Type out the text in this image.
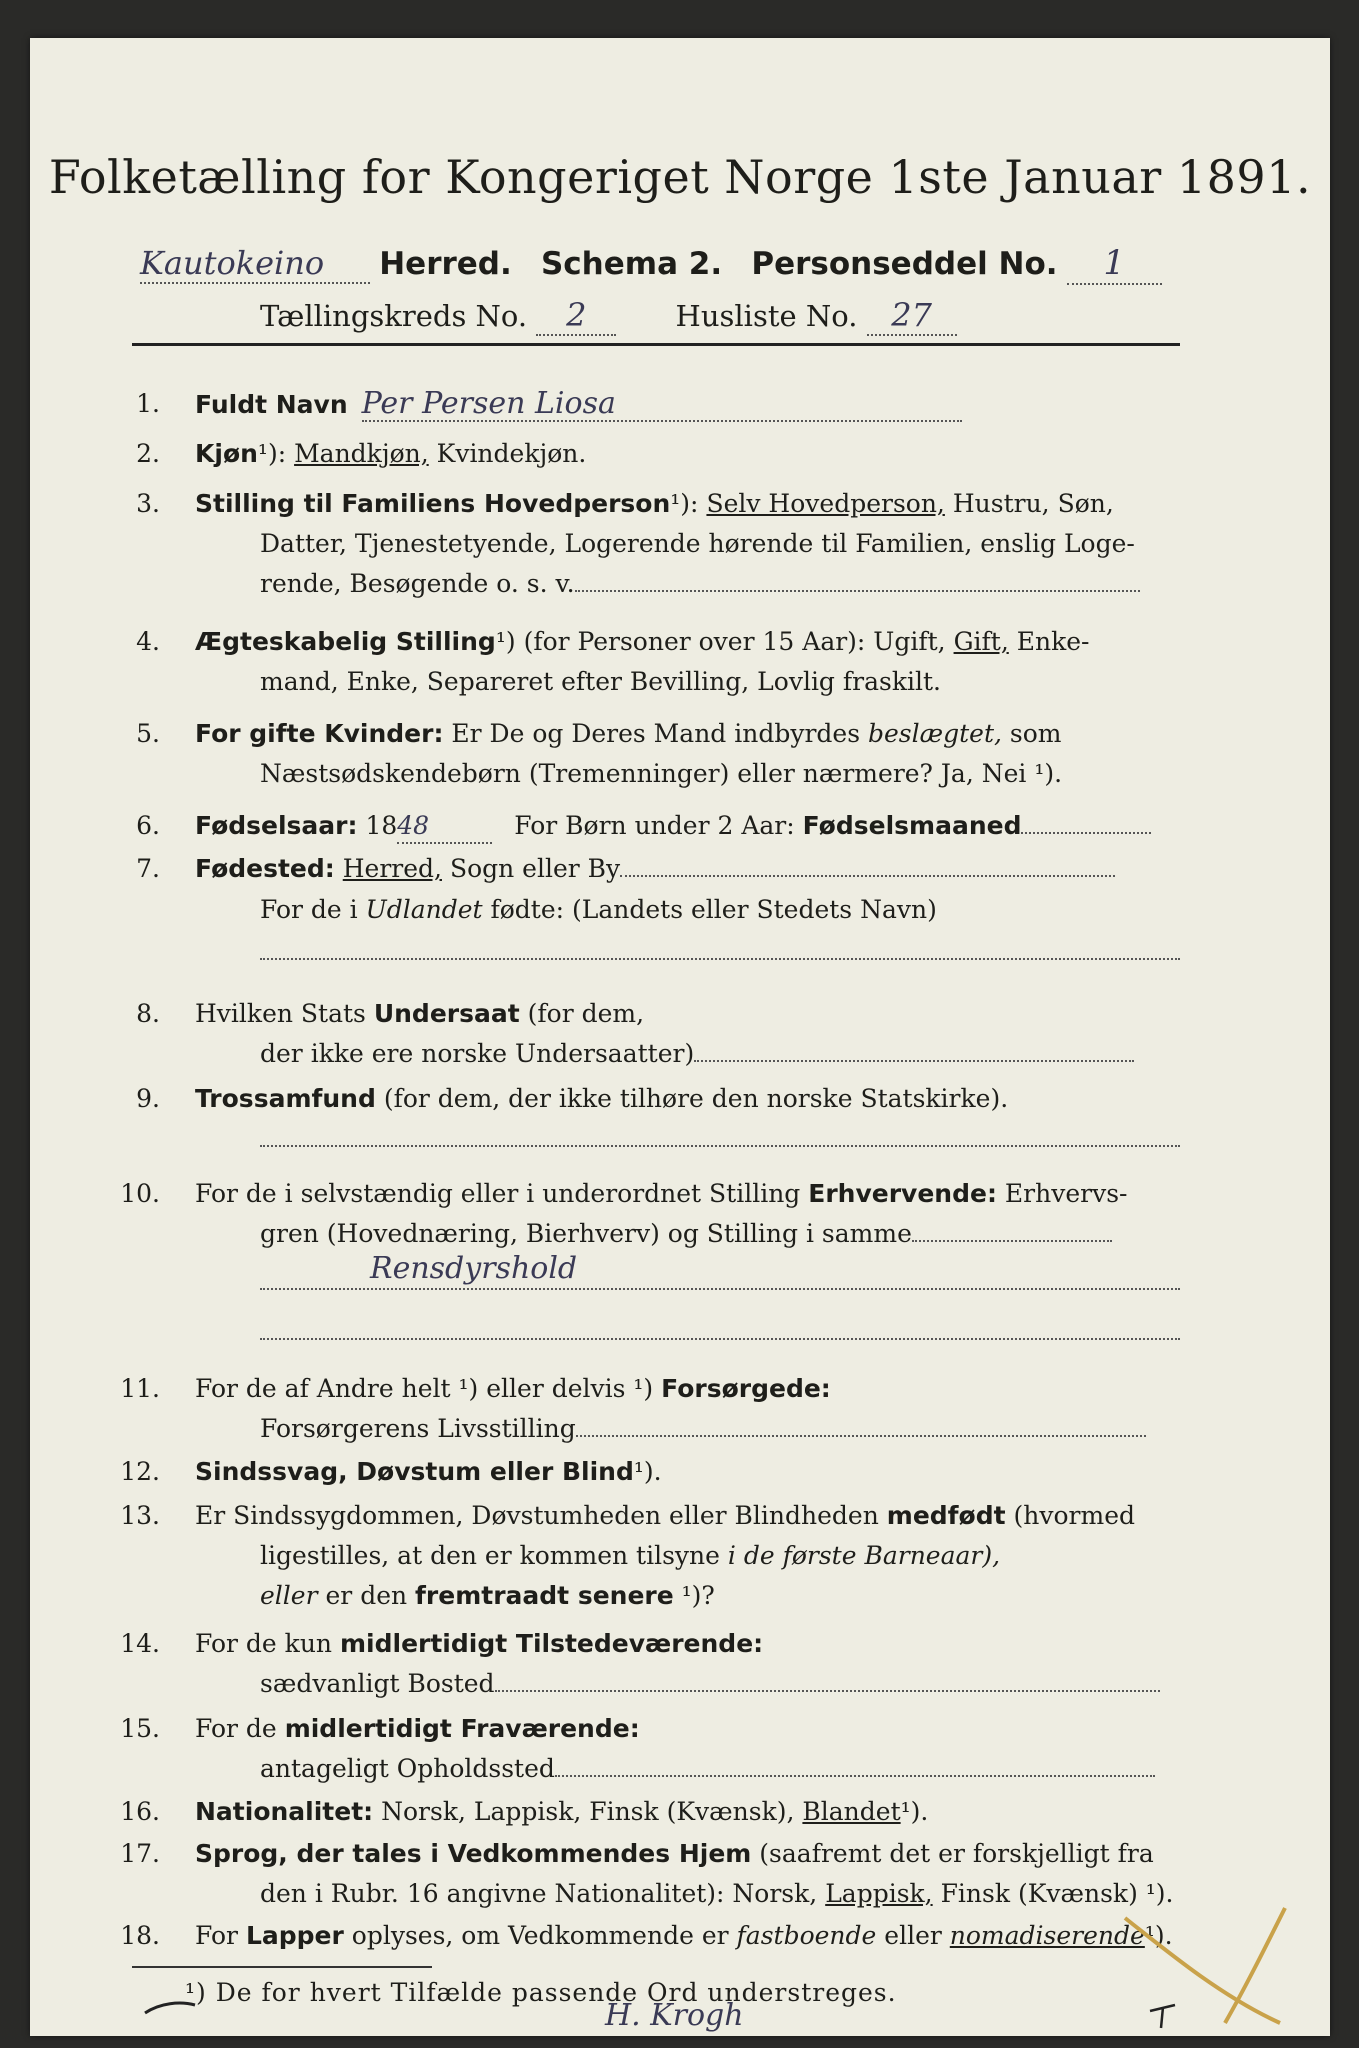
Folketælling for Kongeriget Norge 1ste Januar 1891.
Kautokeino Herred. Schema 2. Personseddel No. 1
Tællingskreds No. 2	Husliste No. 27
1. Fuldt Navn Per Persen Liosa
2. Kjøn¹): Mandkjøn, Kvindekjøn.
3. Stilling til Familiens Hovedperson¹): Selv Hovedperson, Hustru, Søn,
Datter, Tjenestetyende, Logerende hørende til Familien, enslig Loge-
rende, Besøgende o. s. v.
4. Ægteskabelig Stilling¹) (for Personer over 15 Aar): Ugift, Gift, Enke-
mand, Enke, Separeret efter Bevilling, Lovlig fraskilt.
5. For gifte Kvinder: Er De og Deres Mand indbyrdes beslægtet, som
Næstsødskendebørn (Tremenninger) eller nærmere? Ja, Nei ¹).
6. Fødselsaar: 1848	For Børn under 2 Aar: Fødselsmaaned
7. Fødested: Herred, Sogn eller By
For de i Udlandet fødte: (Landets eller Stedets Navn)
8. Hvilken Stats Undersaat (for dem,
der ikke ere norske Undersaatter)
9. Trossamfund (for dem, der ikke tilhøre den norske Statskirke).
10. For de i selvstændig eller i underordnet Stilling Erhvervende: Erhvervs-
gren (Hovednæring, Bierhverv) og Stilling i samme
Rensdyrshold
11. For de af Andre helt ¹) eller delvis ¹) Forsørgede:
Forsørgerens Livsstilling
12. Sindssvag, Døvstum eller Blind¹).
13. Er Sindssygdommen, Døvstumheden eller Blindheden medfødt (hvormed
ligestilles, at den er kommen tilsyne i de første Barneaar),
eller er den fremtraadt senere ¹)?
14. For de kun midlertidigt Tilstedeværende:
sædvanligt Bosted
15. For de midlertidigt Fraværende:
antageligt Opholdssted
16. Nationalitet: Norsk, Lappisk, Finsk (Kvænsk), Blandet¹).
17. Sprog, der tales i Vedkommendes Hjem (saafremt det er forskjelligt fra
den i Rubr. 16 angivne Nationalitet): Norsk, Lappisk, Finsk (Kvænsk) ¹).
18. For Lapper oplyses, om Vedkommende er fastboende eller nomadiserende¹).
¹) De for hvert Tilfælde passende Ord understreges.
H. Krogh
